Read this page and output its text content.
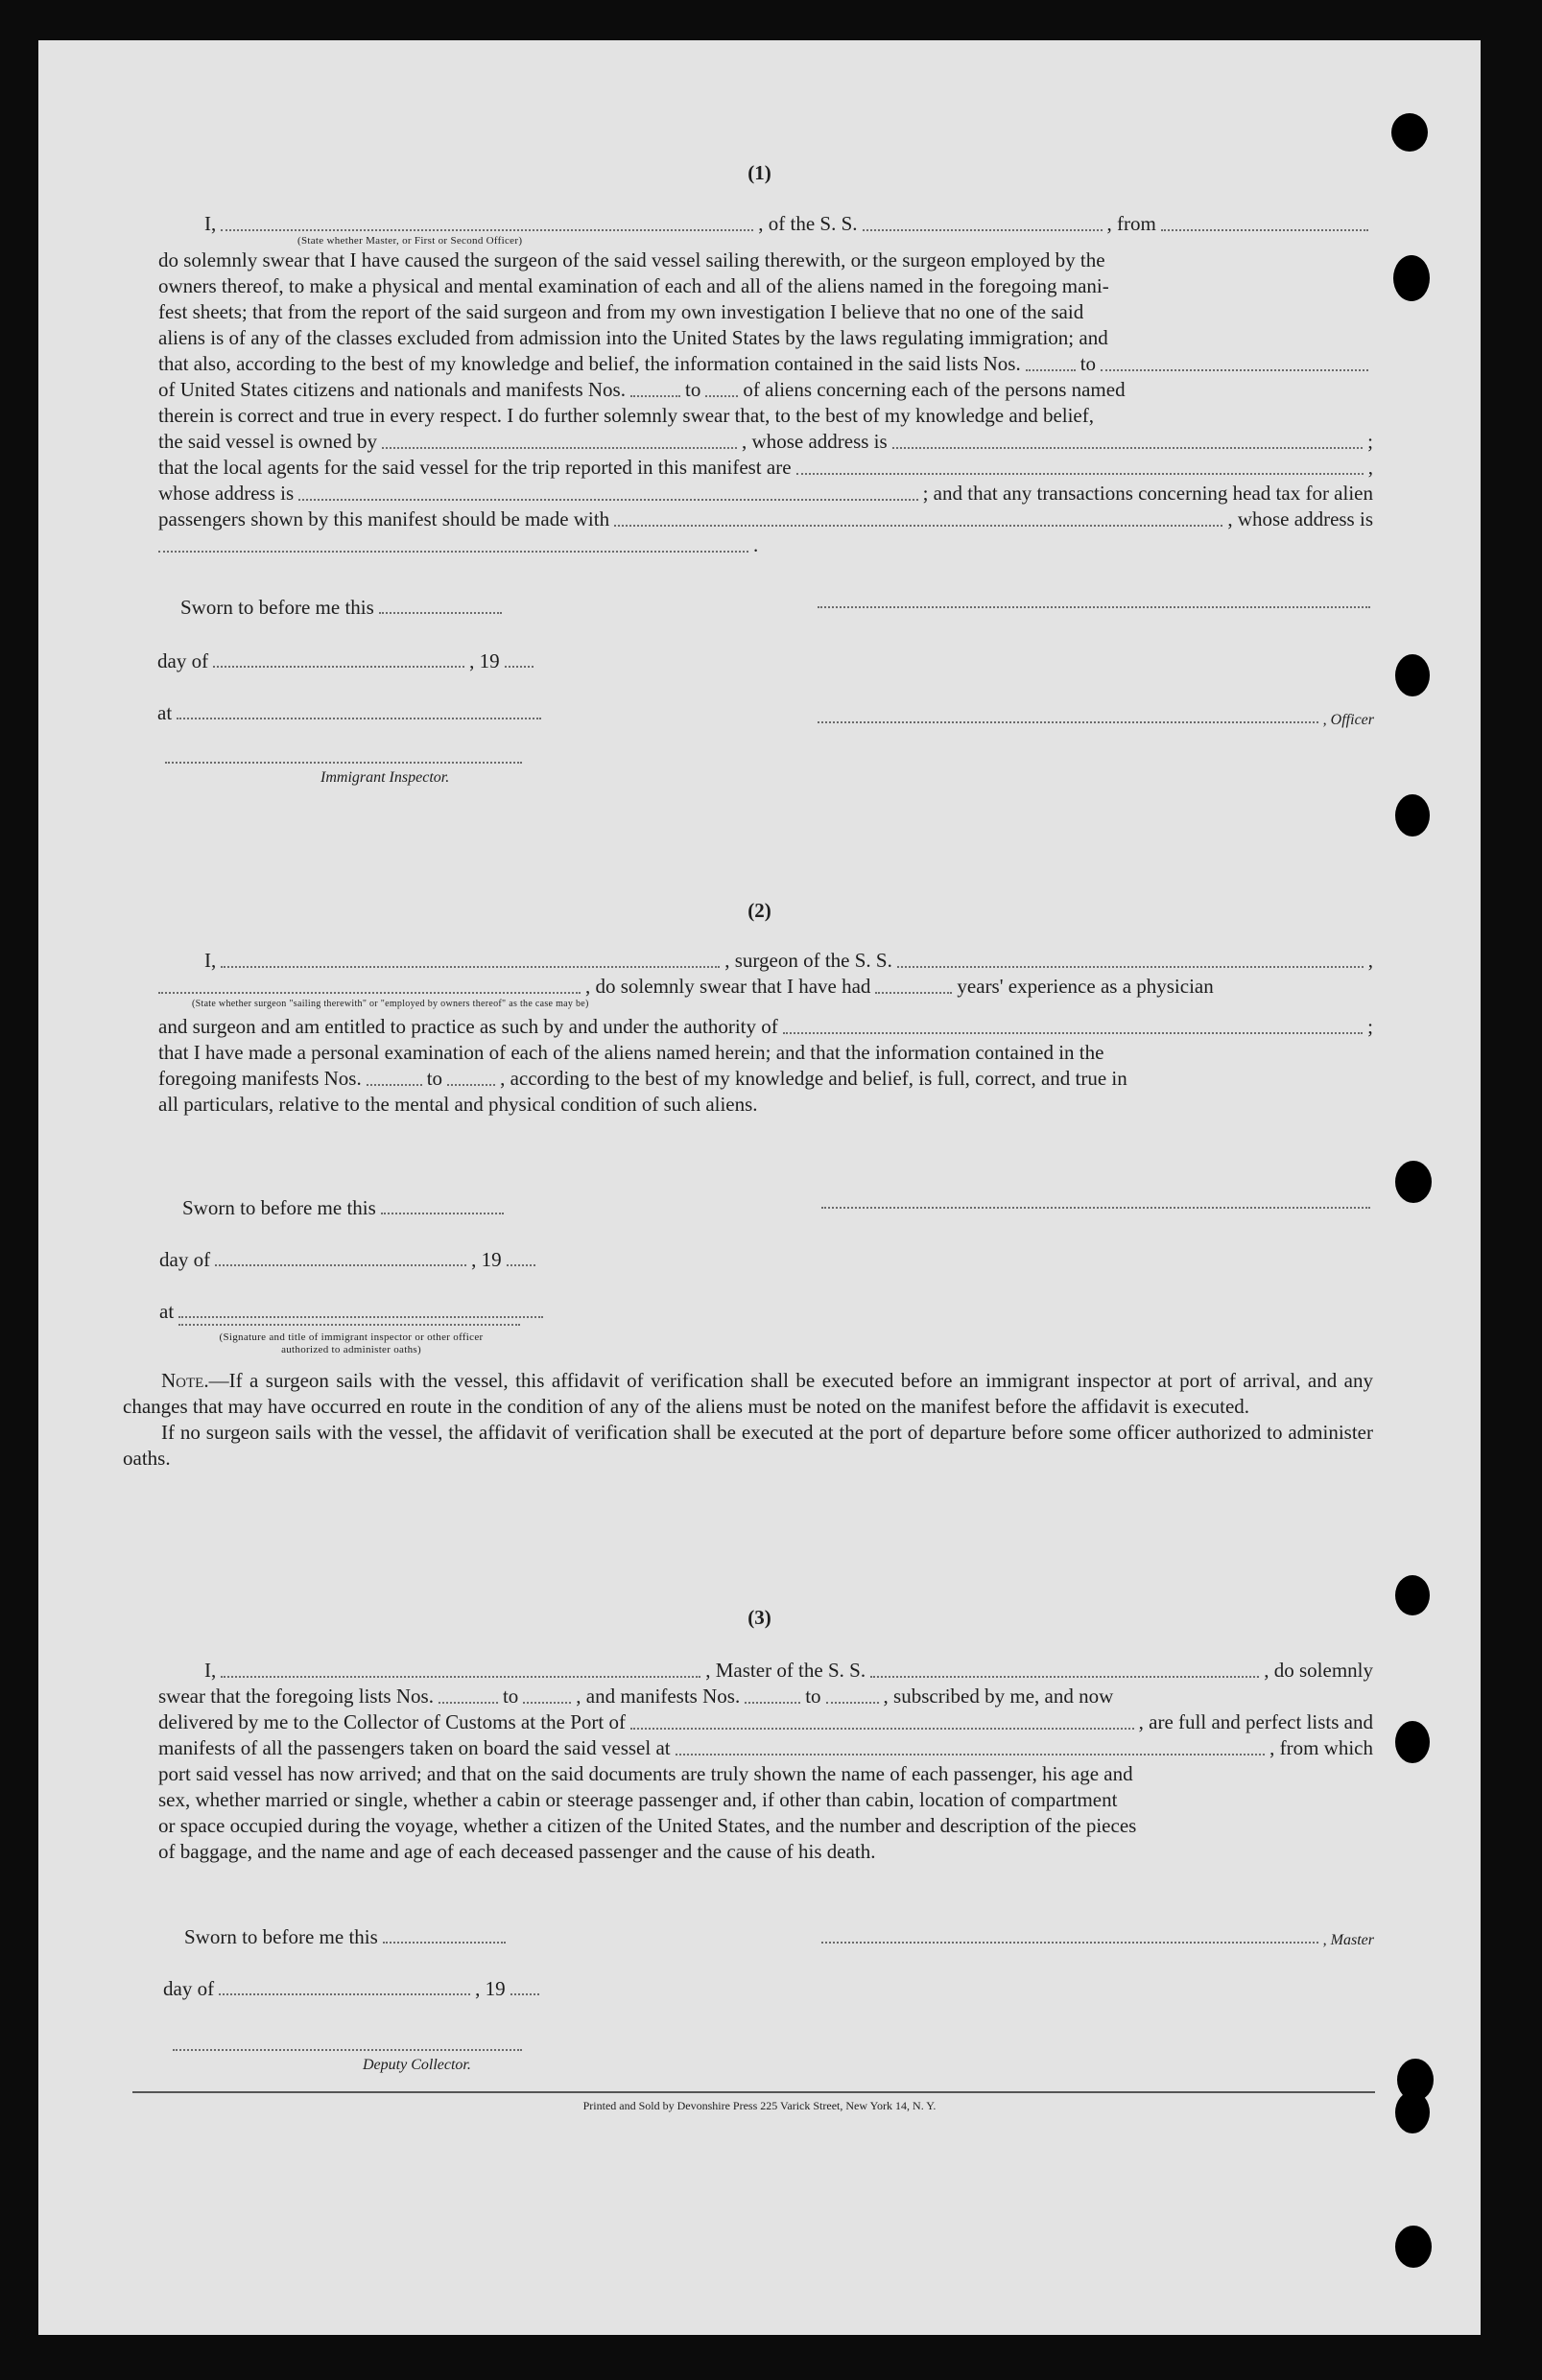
(1)
I,	, of the S. S.	, from
(State whether Master, or First or Second Officer)
do solemnly swear that I have caused the surgeon of the said vessel sailing therewith, or the surgeon employed by the
owners thereof, to make a physical and mental examination of each and all of the aliens named in the foregoing mani-
fest sheets; that from the report of the said surgeon and from my own investigation I believe that no one of the said
aliens is of any of the classes excluded from admission into the United States by the laws regulating immigration; and
that also, according to the best of my knowledge and belief, the information contained in the said lists Nos.	to
of United States citizens and nationals and manifests Nos.	to of aliens concerning each of the persons named
therein is correct and true in every respect. I do further solemnly swear that, to the best of my knowledge and belief,
the said vessel is owned by	, whose address is	;
that the local agents for the said vessel for the trip reported in this manifest are	,
whose address is	; and that any transactions concerning head tax for alien
passengers shown by this manifest should be made with	, whose address is
.
Sworn to before me this
day of	, 19
at	, Officer
Immigrant Inspector.
(2)
I,	, surgeon of the S. S.	,
, do solemnly swear that I have had	years' experience as a physician
(State whether surgeon "sailing therewith" or "employed by owners thereof" as the case may be)
and surgeon and am entitled to practice as such by and under the authority of	;
that I have made a personal examination of each of the aliens named herein; and that the information contained in the
foregoing manifests Nos.	to	, according to the best of my knowledge and belief, is full, correct, and true in
all particulars, relative to the mental and physical condition of such aliens.
Sworn to before me this
day of	, 19
at
(Signature and title of immigrant inspector or other officer authorized to administer oaths)
Note.—If a surgeon sails with the vessel, this affidavit of verification shall be executed before an immigrant inspector at port of arrival, and any changes that may have occurred en route in the condition of any of the aliens must be noted on the manifest before the affidavit is executed.
If no surgeon sails with the vessel, the affidavit of verification shall be executed at the port of departure before some officer authorized to administer oaths.
(3)
I,	, Master of the S. S.	, do solemnly
swear that the foregoing lists Nos.	to	, and manifests Nos.	to	, subscribed by me, and now
delivered by me to the Collector of Customs at the Port of	, are full and perfect lists and
manifests of all the passengers taken on board the said vessel at	, from which
port said vessel has now arrived; and that on the said documents are truly shown the name of each passenger, his age and
sex, whether married or single, whether a cabin or steerage passenger and, if other than cabin, location of compartment
or space occupied during the voyage, whether a citizen of the United States, and the number and description of the pieces
of baggage, and the name and age of each deceased passenger and the cause of his death.
Sworn to before me this
day of	, 19
, Master
Deputy Collector.
Printed and Sold by Devonshire Press 225 Varick Street, New York 14, N. Y.
